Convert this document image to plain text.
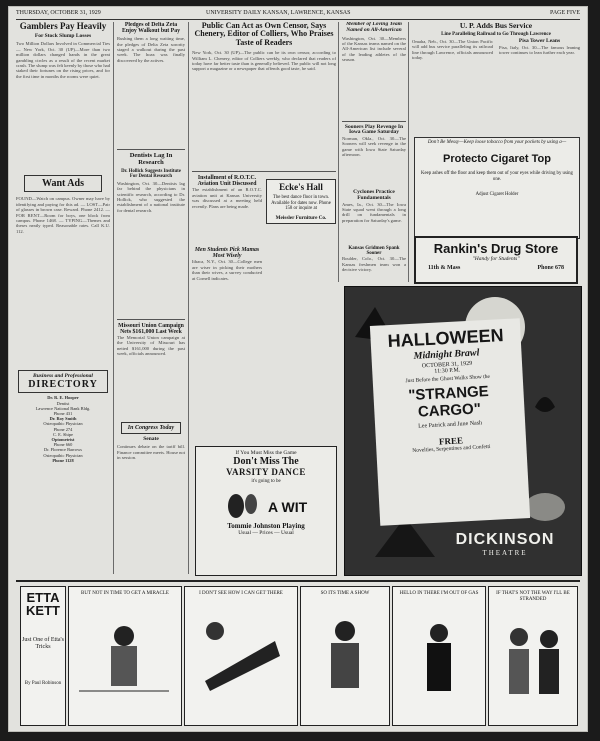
THURSDAY, OCTOBER 31, 1929	UNIVERSITY DAILY KANSAN, LAWRENCE, KANSAS	PAGE FIVE
Gamblers Pay Heavily
For Stock Slump Losses
Two Million Dollars Involved in Commercial Ties — New York, Oct. 30 (UP)—More than two million dollars changed hands in the great gambling circles as a result of the recent market crash. The slump was felt keenly by those who had staked their fortunes on the rising prices, and for the first time in months the rooms were quiet.
Want Ads
FOUND—Watch on campus. Owner may have by identifying and paying for this ad. — LOST—Pair of glasses in brown case. Reward. Phone 2412. — FOR RENT—Room for boys, one block from campus. Phone 1468. — TYPING—Themes and theses neatly typed. Reasonable rates. Call K.U. 112.
Business and Professional
DIRECTORY
Dr. R. E. Hooper
Dentist
Lawrence National Bank Bldg.
Phone 431
Dr. Roy Smith
Osteopathic Physician
Phone 274
C. E. Shipe
Optometrist
Phone 660
Dr. Florence Barrows
Osteopathic Physician
Phone 1128
Pledges of Delta Zeta Enjoy Walkout but Pay
Rushing them a long waiting time, the pledges of Delta Zeta sorority staged a walkout during the past week. The hoax was finally discovered by the actives.
Dentists Lag In Research
Dr. Hollick Suggests Institute For Dental Research
Washington, Oct. 30—Dentists lag far behind the physicians in scientific research, according to Dr. Hollick, who suggested the establishment of a national institute for dental research.
Missouri Union Campaign Nets $161,000 Last Week
The Memorial Union campaign at the University of Missouri has netted $161,000 during the past week, officials announced.
In Congress Today
Senate
Continues debate on the tariff bill. Finance committee meets. House not in session.
Public Can Act as Own Censor, Says Chenery, Editor of Colliers, Who Praises Taste of Readers
New York, Oct. 30 (UP)—The public can be its own censor, according to William L. Chenery, editor of Colliers weekly, who declared that readers of today have far better taste than is generally believed. The public will not long support a magazine or a newspaper that offends good taste, he said.
Installment of R.O.T.C. Aviation Unit Discussed
The establishment of an R.O.T.C. aviation unit at Kansas University was discussed at a meeting held recently. Plans are being made.
Men Students Pick Mamas Most Wisely
Ithaca, N.Y., Oct. 30—College men are wiser in picking their mothers than their wives, a survey conducted at Cornell indicates.
Ecke's Hall
The best dance floor in town. Available for dates now. Phone 158 or inquire at
Meissler Furniture Co.
Member of Loving Team Named on All-American
Washington, Oct. 30—Members of the Kansas teams named on the All-American list include several of the leading athletes of the season.
Sooners Play Revenge In Iowa Game Saturday
Norman, Okla., Oct. 30—The Sooners will seek revenge in the game with Iowa State Saturday afternoon.
Cyclones Practice Fundamentals
Ames, Ia., Oct. 30—The Iowa State squad went through a long drill on fundamentals in preparation for Saturday's game.
Kansas Gridmen Spank Sooner
Boulder, Colo., Oct. 30—The Kansas freshmen team won a decisive victory.
U. P. Adds Bus Service
Line Paralleling Railroad to Go Through Lawrence
Omaha, Neb., Oct. 30—The Union Pacific will add bus service paralleling its railroad line through Lawrence, officials announced today.
Pisa Tower Leans
Pisa, Italy, Oct. 30—The famous leaning tower continues to lean further each year.
Don't Be Messy—Keep loose tobacco from your pockets by using a—
Protecto Cigaret Top
Keep ashes off the floor and keep them out of your eyes while driving by using one.
Adjust Cigaret Holder
Rankin's Drug Store
"Handy for Students"
11th & Mass	Phone 678
If You Must Miss the Game
Don't Miss The
VARSITY DANCE
it's going to be
A WIT
Tommie Johnston Playing
Usual — Prices — Usual
HALLOWEEN
Midnight Brawl
OCTOBER 31, 1929
11:30 P.M.
Just Before the Ghost Walks Show the
"STRANGE CARGO"
Lee Patrick and June Nash
FREE
Novelties, Serpentines and Confetti
DICKINSON
THEATRE
ETTA KETT
Just One of Etta's Tricks
By Paul Robinson
BUT NOT IN TIME TO GET A MIRACLE	I DON'T SEE HOW I CAN GET THERE	SO ITS TIME A SHOW	HELLO IN THERE I'M OUT OF GAS	IF THAT'S NOT THE WAY I'LL BE STRANDED
